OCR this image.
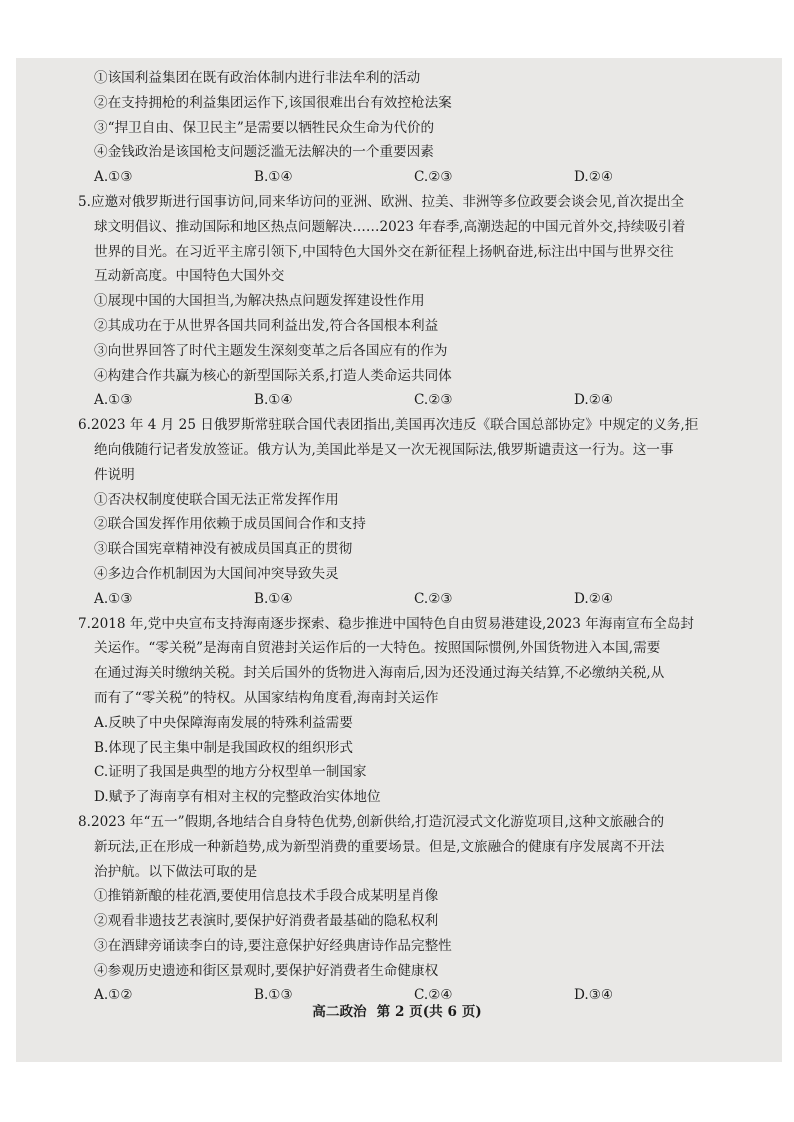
①该国利益集团在既有政治体制内进行非法牟利的活动
②在支持拥枪的利益集团运作下,该国很难出台有效控枪法案
③“捍卫自由、保卫民主”是需要以牺牲民众生命为代价的
④金钱政治是该国枪支问题泛滥无法解决的一个重要因素
A.①③	B.①④	C.②③	D.②④
5.应邀对俄罗斯进行国事访问,同来华访问的亚洲、欧洲、拉美、非洲等多位政要会谈会见,首次提出全
球文明倡议、推动国际和地区热点问题解决……2023 年春季,高潮迭起的中国元首外交,持续吸引着
世界的目光。在习近平主席引领下,中国特色大国外交在新征程上扬帆奋进,标注出中国与世界交往
互动新高度。中国特色大国外交
①展现中国的大国担当,为解决热点问题发挥建设性作用
②其成功在于从世界各国共同利益出发,符合各国根本利益
③向世界回答了时代主题发生深刻变革之后各国应有的作为
④构建合作共赢为核心的新型国际关系,打造人类命运共同体
A.①③	B.①④	C.②③	D.②④
6.2023 年 4 月 25 日俄罗斯常驻联合国代表团指出,美国再次违反《联合国总部协定》中规定的义务,拒
绝向俄随行记者发放签证。俄方认为,美国此举是又一次无视国际法,俄罗斯谴责这一行为。这一事
件说明
①否决权制度使联合国无法正常发挥作用
②联合国发挥作用依赖于成员国间合作和支持
③联合国宪章精神没有被成员国真正的贯彻
④多边合作机制因为大国间冲突导致失灵
A.①③	B.①④	C.②③	D.②④
7.2018 年,党中央宣布支持海南逐步探索、稳步推进中国特色自由贸易港建设,2023 年海南宣布全岛封
关运作。“零关税”是海南自贸港封关运作后的一大特色。按照国际惯例,外国货物进入本国,需要
在通过海关时缴纳关税。封关后国外的货物进入海南后,因为还没通过海关结算,不必缴纳关税,从
而有了“零关税”的特权。从国家结构角度看,海南封关运作
A.反映了中央保障海南发展的特殊利益需要
B.体现了民主集中制是我国政权的组织形式
C.证明了我国是典型的地方分权型单一制国家
D.赋予了海南享有相对主权的完整政治实体地位
8.2023 年“五一”假期,各地结合自身特色优势,创新供给,打造沉浸式文化游览项目,这种文旅融合的
新玩法,正在形成一种新趋势,成为新型消费的重要场景。但是,文旅融合的健康有序发展离不开法
治护航。以下做法可取的是
①推销新酿的桂花酒,要使用信息技术手段合成某明星肖像
②观看非遗技艺表演时,要保护好消费者最基础的隐私权利
③在酒肆旁诵读李白的诗,要注意保护好经典唐诗作品完整性
④参观历史遗迹和街区景观时,要保护好消费者生命健康权
A.①②	B.①③	C.②④	D.③④
高二政治 第 2 页(共 6 页)
